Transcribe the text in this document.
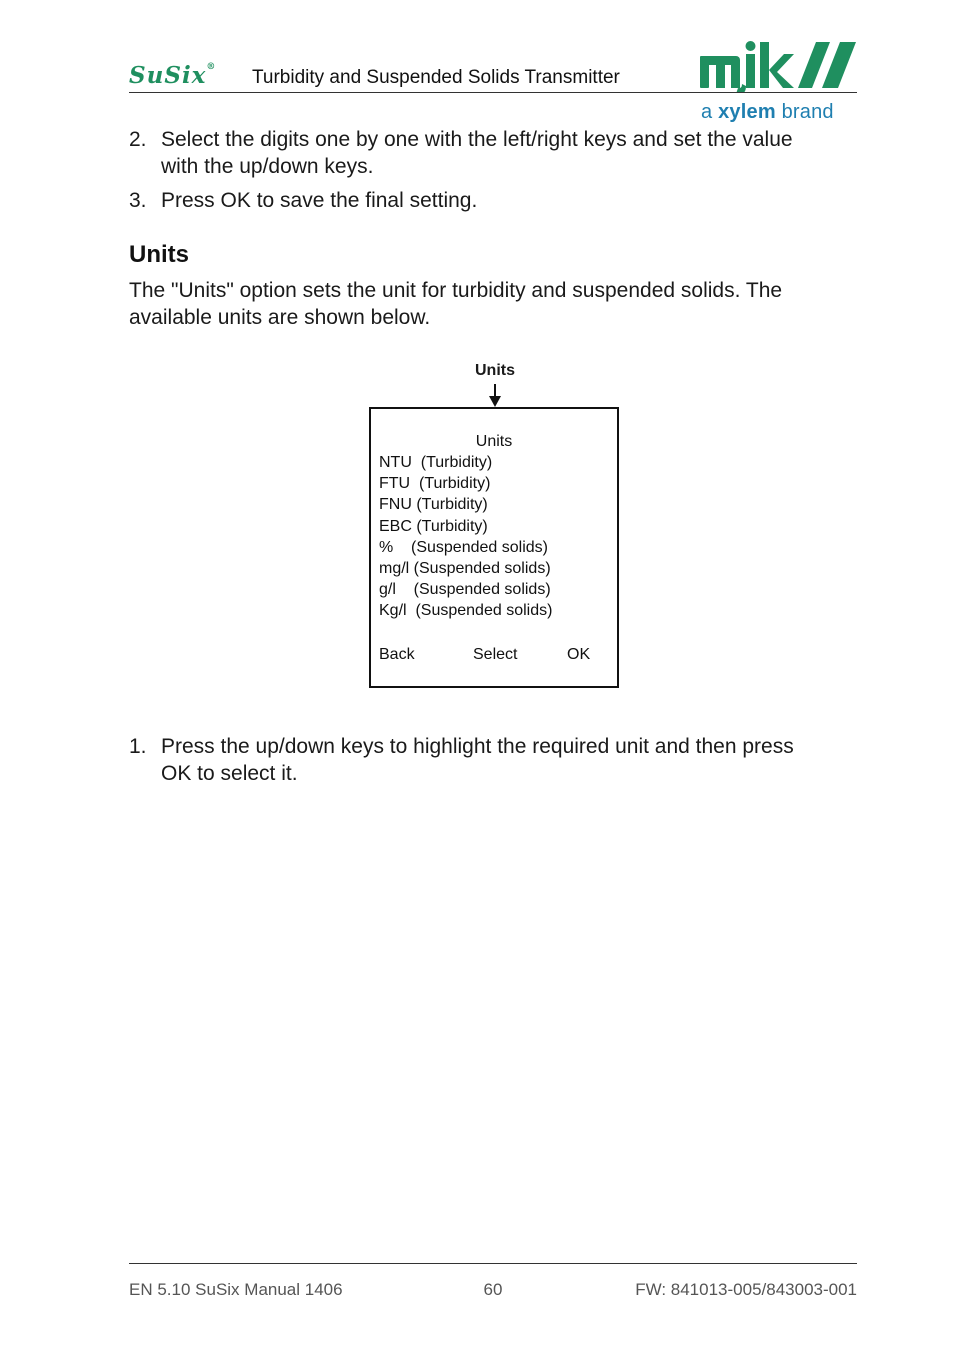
SuSix® Turbidity and Suspended Solids Transmitter
a xylem brand
2. Select the digits one by one with the left/right keys and set the value
with the up/down keys.
3. Press OK to save the final setting.
Units
The "Units" option sets the unit for turbidity and suspended solids. The
available units are shown below.
Units
Units
NTU  (Turbidity)
FTU  (Turbidity)
FNU (Turbidity)
EBC (Turbidity)
%    (Suspended solids)
mg/l (Suspended solids)
g/l    (Suspended solids)
Kg/l  (Suspended solids)
Back	Select	OK
1. Press the up/down keys to highlight the required unit and then press
OK to select it.
EN 5.10 SuSix Manual 1406	60	FW: 841013-005/843003-001
